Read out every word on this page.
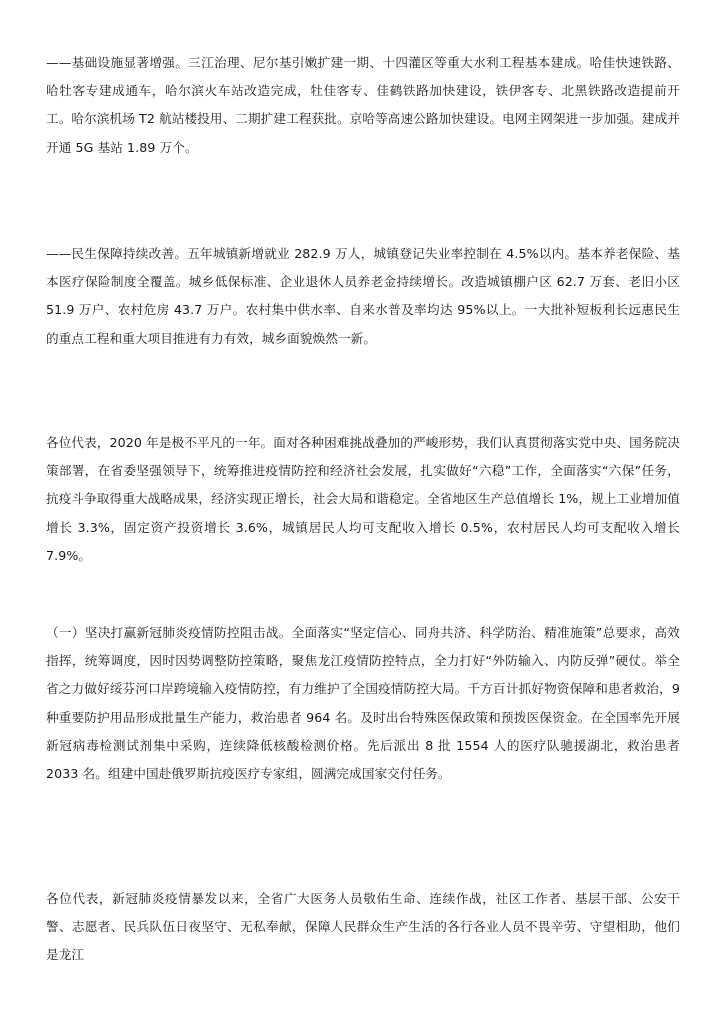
——基础设施显著增强。三江治理、尼尔基引嫩扩建一期、十四灌区等重大水利工程基本建成。哈佳快速铁路、哈牡客专建成通车，哈尔滨火车站改造完成，牡佳客专、佳鹤铁路加快建设，铁伊客专、北黑铁路改造提前开工。哈尔滨机场 T2 航站楼投用、二期扩建工程获批。京哈等高速公路加快建设。电网主网架进一步加强。建成并开通 5G 基站 1.89 万个。

——民生保障持续改善。五年城镇新增就业 282.9 万人，城镇登记失业率控制在 4.5%以内。基本养老保险、基本医疗保险制度全覆盖。城乡低保标准、企业退休人员养老金持续增长。改造城镇棚户区 62.7 万套、老旧小区 51.9 万户、农村危房 43.7 万户。农村集中供水率、自来水普及率均达 95%以上。一大批补短板利长远惠民生的重点工程和重大项目推进有力有效，城乡面貌焕然一新。

各位代表，2020 年是极不平凡的一年。面对各种困难挑战叠加的严峻形势，我们认真贯彻落实党中央、国务院决策部署，在省委坚强领导下，统筹推进疫情防控和经济社会发展，扎实做好“六稳”工作，全面落实“六保”任务，抗疫斗争取得重大战略成果，经济实现正增长，社会大局和谐稳定。全省地区生产总值增长 1%，规上工业增加值增长 3.3%，固定资产投资增长 3.6%，城镇居民人均可支配收入增长 0.5%，农村居民人均可支配收入增长 7.9%。

（一）坚决打赢新冠肺炎疫情防控阻击战。全面落实“坚定信心、同舟共济、科学防治、精准施策”总要求，高效指挥，统筹调度，因时因势调整防控策略，聚焦龙江疫情防控特点，全力打好“外防输入、内防反弹”硬仗。举全省之力做好绥芬河口岸跨境输入疫情防控，有力维护了全国疫情防控大局。千方百计抓好物资保障和患者救治，9 种重要防护用品形成批量生产能力，救治患者 964 名。及时出台特殊医保政策和预拨医保资金。在全国率先开展新冠病毒检测试剂集中采购，连续降低核酸检测价格。先后派出 8 批 1554 人的医疗队驰援湖北，救治患者 2033 名。组建中国赴俄罗斯抗疫医疗专家组，圆满完成国家交付任务。

各位代表，新冠肺炎疫情暴发以来，全省广大医务人员敬佑生命、连续作战，社区工作者、基层干部、公安干警、志愿者、民兵队伍日夜坚守、无私奉献，保障人民群众生产生活的各行各业人员不畏辛劳、守望相助，他们是龙江
